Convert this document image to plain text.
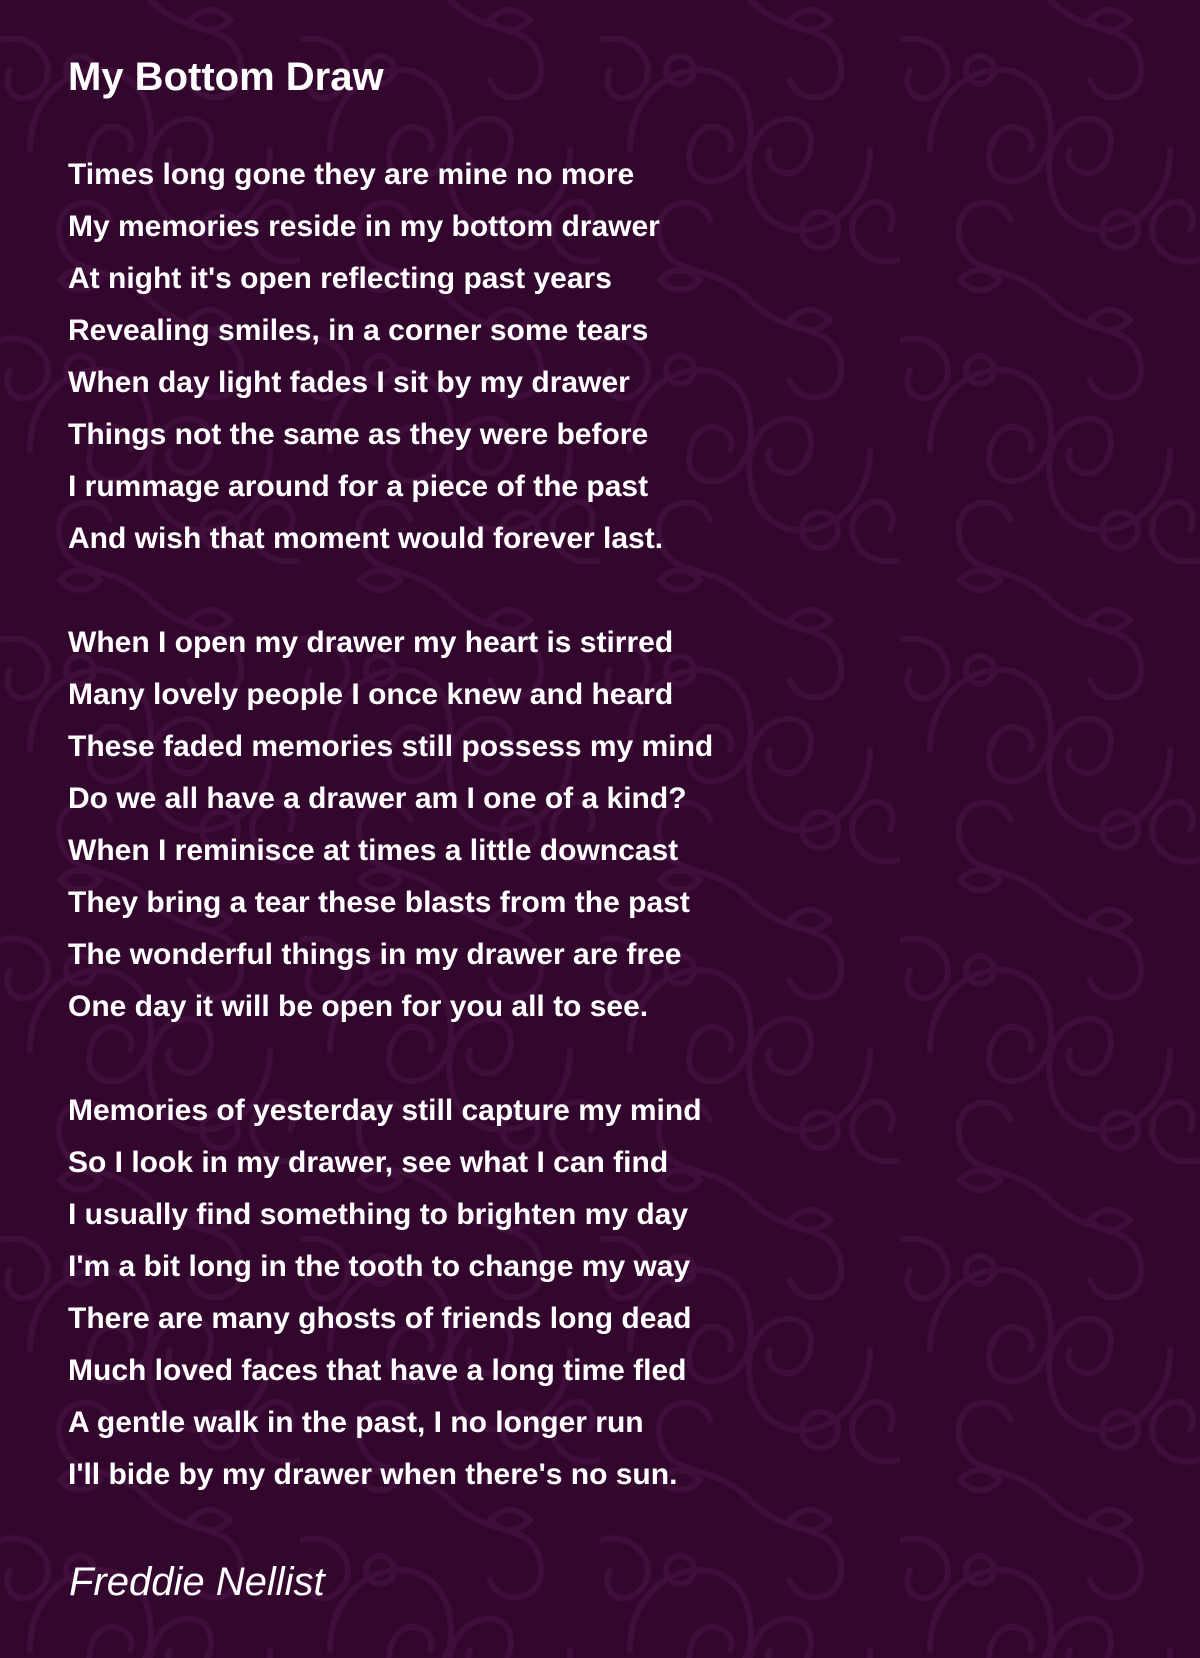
My Bottom Draw
Times long gone they are mine no more
My memories reside in my bottom drawer
At night it's open reflecting past years
Revealing smiles, in a corner some tears
When day light fades I sit by my drawer
Things not the same as they were before
I rummage around for a piece of the past
And wish that moment would forever last.
When I open my drawer my heart is stirred
Many lovely people I once knew and heard
These faded memories still possess my mind
Do we all have a drawer am I one of a kind?
When I reminisce at times a little downcast
They bring a tear these blasts from the past
The wonderful things in my drawer are free
One day it will be open for you all to see.
Memories of yesterday still capture my mind
So I look in my drawer, see what I can find
I usually find something to brighten my day
I'm a bit long in the tooth to change my way
There are many ghosts of friends long dead
Much loved faces that have a long time fled
A gentle walk in the past, I no longer run
I'll bide by my drawer when there's no sun.
Freddie Nellist
